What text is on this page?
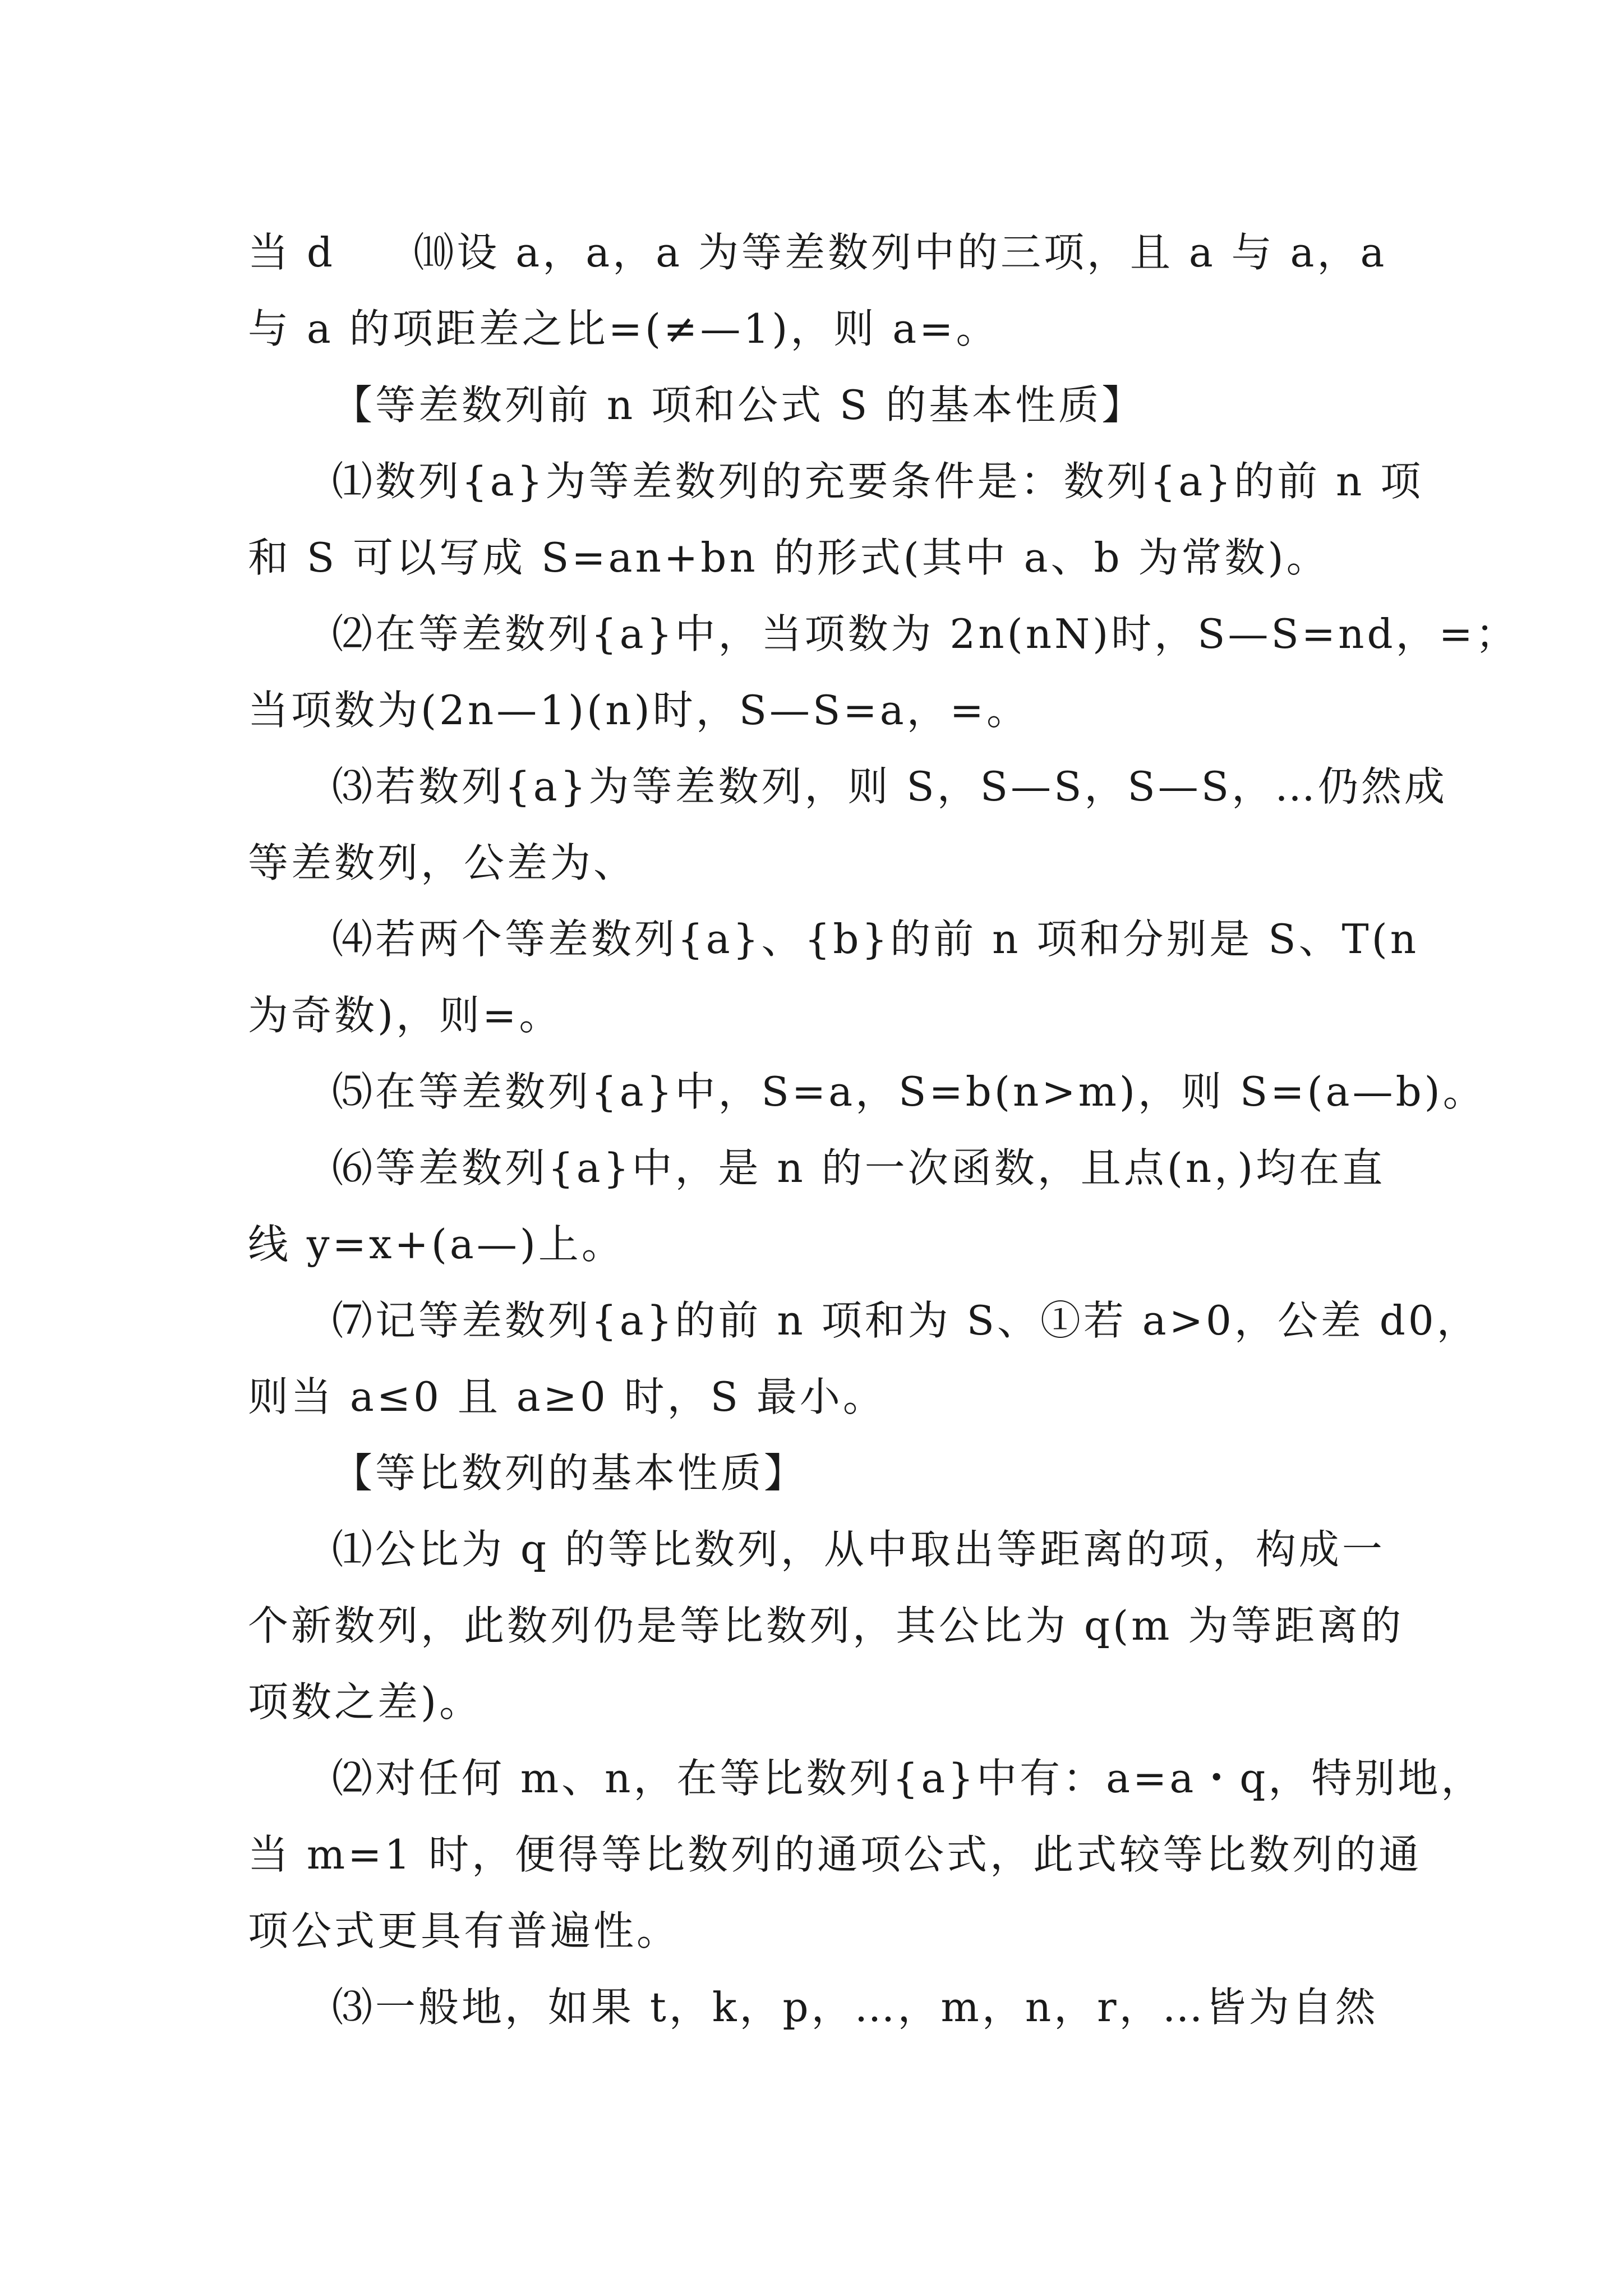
当 d     ⑽设 a，a，a 为等差数列中的三项，且 a 与 a，a
与 a 的项距差之比=(≠—1)，则 a=。
【等差数列前 n 项和公式 S 的基本性质】
⑴数列{a}为等差数列的充要条件是：数列{a}的前 n 项
和 S 可以写成 S=an+bn 的形式(其中 a、b 为常数)。
⑵在等差数列{a}中，当项数为 2n(nN)时，S—S=nd，=；
当项数为(2n—1)(n)时，S—S=a，=。
⑶若数列{a}为等差数列，则 S，S—S，S—S，…仍然成
等差数列，公差为、
⑷若两个等差数列{a}、{b}的前 n 项和分别是 S、T(n
为奇数)，则=。
⑸在等差数列{a}中，S=a，S=b(n>m)，则 S=(a—b)。
⑹等差数列{a}中，是 n 的一次函数，且点(n，)均在直
线 y=x+(a—)上。
⑺记等差数列{a}的前 n 项和为 S、①若 a>0，公差 d0，
则当 a≤0 且 a≥0 时，S 最小。
【等比数列的基本性质】
⑴公比为 q 的等比数列，从中取出等距离的项，构成一
个新数列，此数列仍是等比数列，其公比为 q(m 为等距离的
项数之差)。
⑵对任何 m、n，在等比数列{a}中有：a=a・q，特别地，
当 m=1 时，便得等比数列的通项公式，此式较等比数列的通
项公式更具有普遍性。
⑶一般地，如果 t，k，p，…，m，n，r，…皆为自然
